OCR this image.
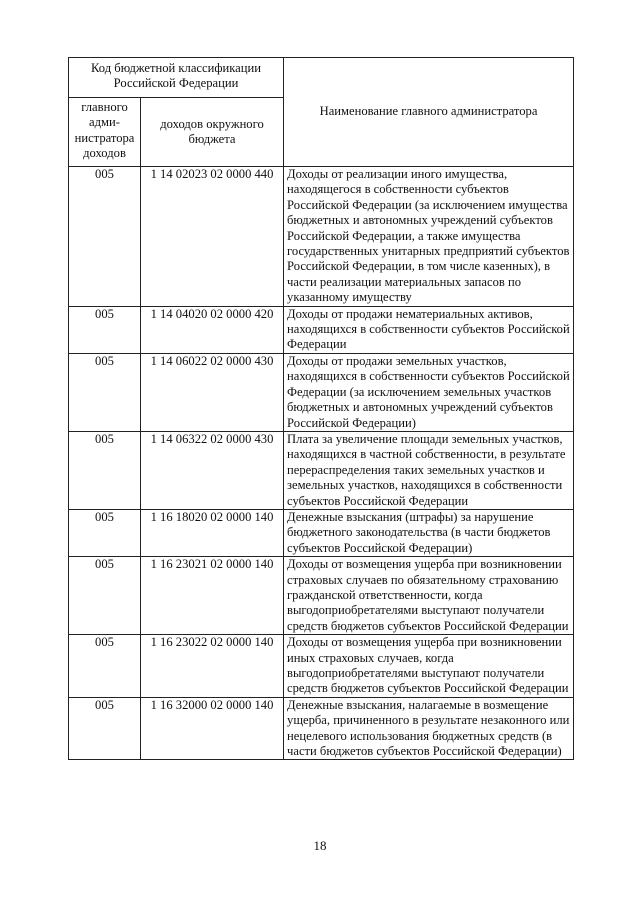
Код бюджетной классификации Российской Федерации		Наименование главного администратора
главного адми-нистратора доходов	доходов окружного бюджета	
005	1 14 02023 02 0000 440	Доходы от реализации иного имущества, находящегося в собственности субъектов Российской Федерации (за исключением имущества бюджетных и автономных учреждений субъектов Российской Федерации, а также имущества государственных унитарных предприятий субъектов Российской Федерации, в том числе казенных), в части реализации материальных запасов по указанному имуществу
005	1 14 04020 02 0000 420	Доходы от продажи нематериальных активов, находящихся в собственности субъектов Российской Федерации
005	1 14 06022 02 0000 430	Доходы от продажи земельных участков, находящихся в собственности субъектов Российской Федерации (за исключением земельных участков бюджетных и автономных учреждений субъектов Российской Федерации)
005	1 14 06322 02 0000 430	Плата за увеличение площади земельных участков, находящихся в частной собственности, в результате перераспределения таких земельных участков и земельных участков, находящихся в собственности субъектов Российской Федерации
005	1 16 18020 02 0000 140	Денежные взыскания (штрафы) за нарушение бюджетного законодательства (в части бюджетов субъектов Российской Федерации)
005	1 16 23021 02 0000 140	Доходы от возмещения ущерба при возникновении страховых случаев по обязательному страхованию гражданской ответственности, когда выгодоприобретателями выступают получатели средств бюджетов субъектов Российской Федерации
005	1 16 23022 02 0000 140	Доходы от возмещения ущерба при возникновении иных страховых случаев, когда выгодоприобретателями выступают получатели средств бюджетов субъектов Российской Федерации
005	1 16 32000 02 0000 140	Денежные взыскания, налагаемые в возмещение ущерба, причиненного в результате незаконного или нецелевого использования бюджетных средств (в части бюджетов субъектов Российской Федерации)
18
